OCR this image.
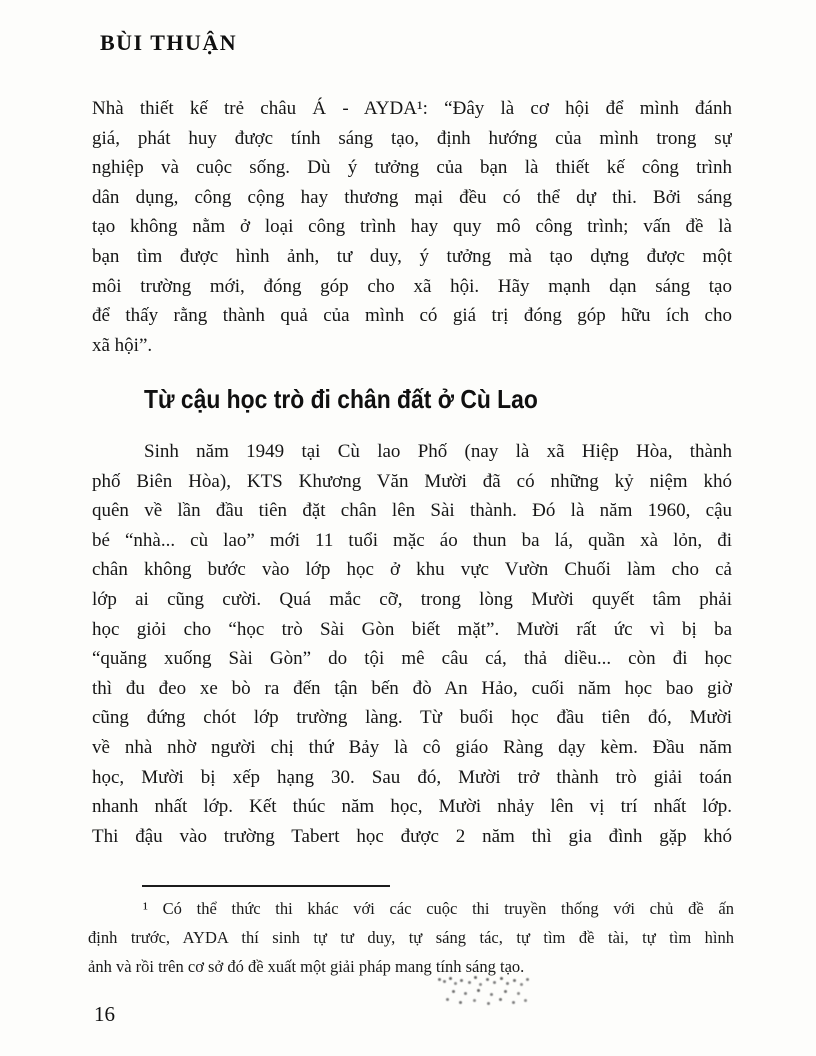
BÙI THUẬN
Nhà thiết kế trẻ châu Á - AYDA¹: “Đây là cơ hội để mình đánh
giá, phát huy được tính sáng tạo, định hướng của mình trong sự
nghiệp và cuộc sống. Dù ý tưởng của bạn là thiết kế công trình
dân dụng, công cộng hay thương mại đều có thể dự thi. Bởi sáng
tạo không nằm ở loại công trình hay quy mô công trình; vấn đề là
bạn tìm được hình ảnh, tư duy, ý tưởng mà tạo dựng được một
môi trường mới, đóng góp cho xã hội. Hãy mạnh dạn sáng tạo
để thấy rằng thành quả của mình có giá trị đóng góp hữu ích cho
xã hội”.
Từ cậu học trò đi chân đất ở Cù Lao
Sinh năm 1949 tại Cù lao Phố (nay là xã Hiệp Hòa, thành
phố Biên Hòa), KTS Khương Văn Mười đã có những kỷ niệm khó
quên về lần đầu tiên đặt chân lên Sài thành. Đó là năm 1960, cậu
bé “nhà... cù lao” mới 11 tuổi mặc áo thun ba lá, quần xà lỏn, đi
chân không bước vào lớp học ở khu vực Vườn Chuối làm cho cả
lớp ai cũng cười. Quá mắc cỡ, trong lòng Mười quyết tâm phải
học giỏi cho “học trò Sài Gòn biết mặt”. Mười rất ức vì bị ba
“quăng xuống Sài Gòn” do tội mê câu cá, thả diều... còn đi học
thì đu đeo xe bò ra đến tận bến đò An Hảo, cuối năm học bao giờ
cũng đứng chót lớp trường làng. Từ buổi học đầu tiên đó, Mười
về nhà nhờ người chị thứ Bảy là cô giáo Ràng dạy kèm. Đầu năm
học, Mười bị xếp hạng 30. Sau đó, Mười trở thành trò giải toán
nhanh nhất lớp. Kết thúc năm học, Mười nhảy lên vị trí nhất lớp.
Thi đậu vào trường Tabert học được 2 năm thì gia đình gặp khó
¹ Có thể thức thi khác với các cuộc thi truyền thống với chủ đề ấn
định trước, AYDA thí sinh tự tư duy, tự sáng tác, tự tìm đề tài, tự tìm hình
ảnh và rồi trên cơ sở đó đề xuất một giải pháp mang tính sáng tạo.
16
